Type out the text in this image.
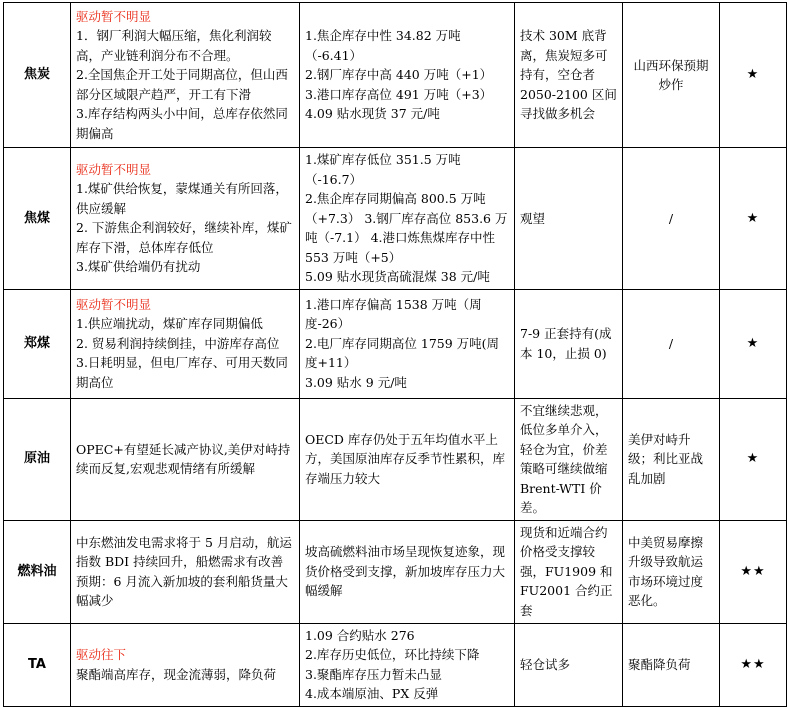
焦炭	驱动暂不明显
1．钢厂利润大幅压缩，焦化利润较高，产业链利润分布不合理。
2.全国焦企开工处于同期高位，但山西部分区域限产趋严，开工有下滑
3.库存结构两头小中间，总库存依然同期偏高	1.焦企库存中性 34.82 万吨（-6.41）
2.钢厂库存中高 440 万吨（+1）
3.港口库存高位 491 万吨（+3）
4.09 贴水现货 37 元/吨	技术 30M 底背离，焦炭短多可持有，空仓者 2050-2100 区间寻找做多机会	山西环保预期炒作	★
焦煤	驱动暂不明显
1.煤矿供给恢复，蒙煤通关有所回落，供应缓解
2. 下游焦企利润较好，继续补库，煤矿库存下滑，总体库存低位
3.煤矿供给端仍有扰动	1.煤矿库存低位 351.5 万吨（-16.7）
2.焦企库存同期偏高 800.5 万吨（+7.3） 3.钢厂库存高位 853.6 万吨（-7.1） 4.港口炼焦煤库存中性 553 万吨（+5）
5.09 贴水现货高硫混煤 38 元/吨	观望	/	★
郑煤	驱动暂不明显
1.供应端扰动，煤矿库存同期偏低
2. 贸易利润持续倒挂，中游库存高位 3.日耗明显，但电厂库存、可用天数同期高位	1.港口库存偏高 1538 万吨（周度-26）
2.电厂库存同期高位 1759 万吨(周度+11）
3.09 贴水 9 元/吨	7-9 正套持有(成本 10，止损 0)	/	★
原油	OPEC+有望延长减产协议,美伊对峙持续而反复,宏观悲观情绪有所缓解	OECD 库存仍处于五年均值水平上方，美国原油库存反季节性累积，库存端压力较大	不宜继续悲观，低位多单介入，轻仓为宜，价差策略可继续做缩 Brent-WTI 价差。	美伊对峙升级；利比亚战乱加剧	★
燃料油	中东燃油发电需求将于 5 月启动，航运指数 BDI 持续回升，船燃需求有改善预期：6 月流入新加坡的套利船货量大幅减少	坡高硫燃料油市场呈现恢复迹象，现货价格受到支撑，新加坡库存压力大幅缓解	现货和近端合约价格受支撑较强，FU1909 和 FU2001 合约正套	中美贸易摩擦升级导致航运市场环境过度恶化。	★★
TA	驱动往下
聚酯端高库存，现金流薄弱，降负荷	1.09 合约贴水 276
2.库存历史低位，环比持续下降
3.聚酯库存压力暂未凸显
4.成本端原油、PX 反弹	轻仓试多	聚酯降负荷	★★
